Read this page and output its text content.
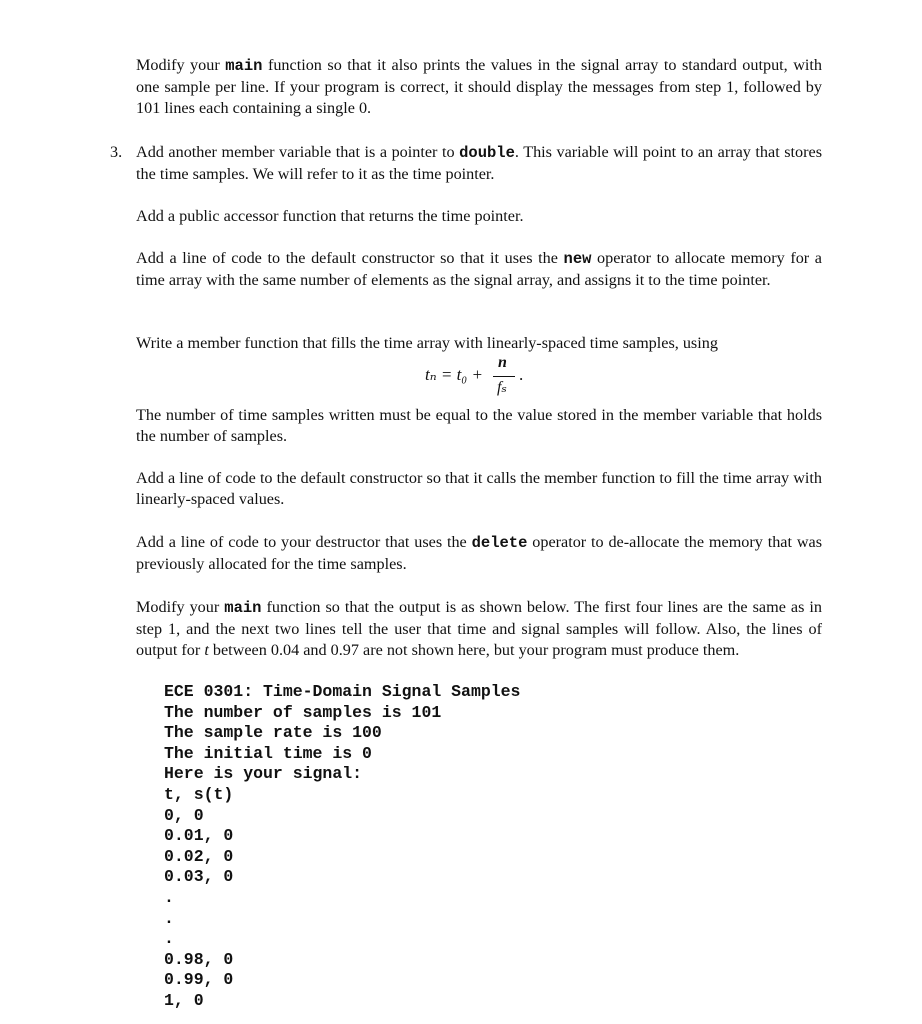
Modify your main function so that it also prints the values in the signal array to standard output, with one sample per line. If your program is correct, it should display the messages from step 1, followed by 101 lines each containing a single 0.

3. Add another member variable that is a pointer to double. This variable will point to an array that stores the time samples. We will refer to it as the time pointer.

Add a public accessor function that returns the time pointer.

Add a line of code to the default constructor so that it uses the new operator to allocate memory for a time array with the same number of elements as the signal array, and assigns it to the time pointer.

Write a member function that fills the time array with linearly-spaced time samples, using

tₙ = t₀ +
n
fₛ
.

The number of time samples written must be equal to the value stored in the member variable that holds the number of samples.

Add a line of code to the default constructor so that it calls the member function to fill the time array with linearly-spaced values.

Add a line of code to your destructor that uses the delete operator to de-allocate the memory that was previously allocated for the time samples.

Modify your main function so that the output is as shown below. The first four lines are the same as in step 1, and the next two lines tell the user that time and signal samples will follow. Also, the lines of output for t between 0.04 and 0.97 are not shown here, but your program must produce them.

ECE 0301: Time-Domain Signal Samples
The number of samples is 101
The sample rate is 100
The initial time is 0
Here is your signal:
t, s(t)
0, 0
0.01, 0
0.02, 0
0.03, 0
.
.
.
0.98, 0
0.99, 0
1, 0
